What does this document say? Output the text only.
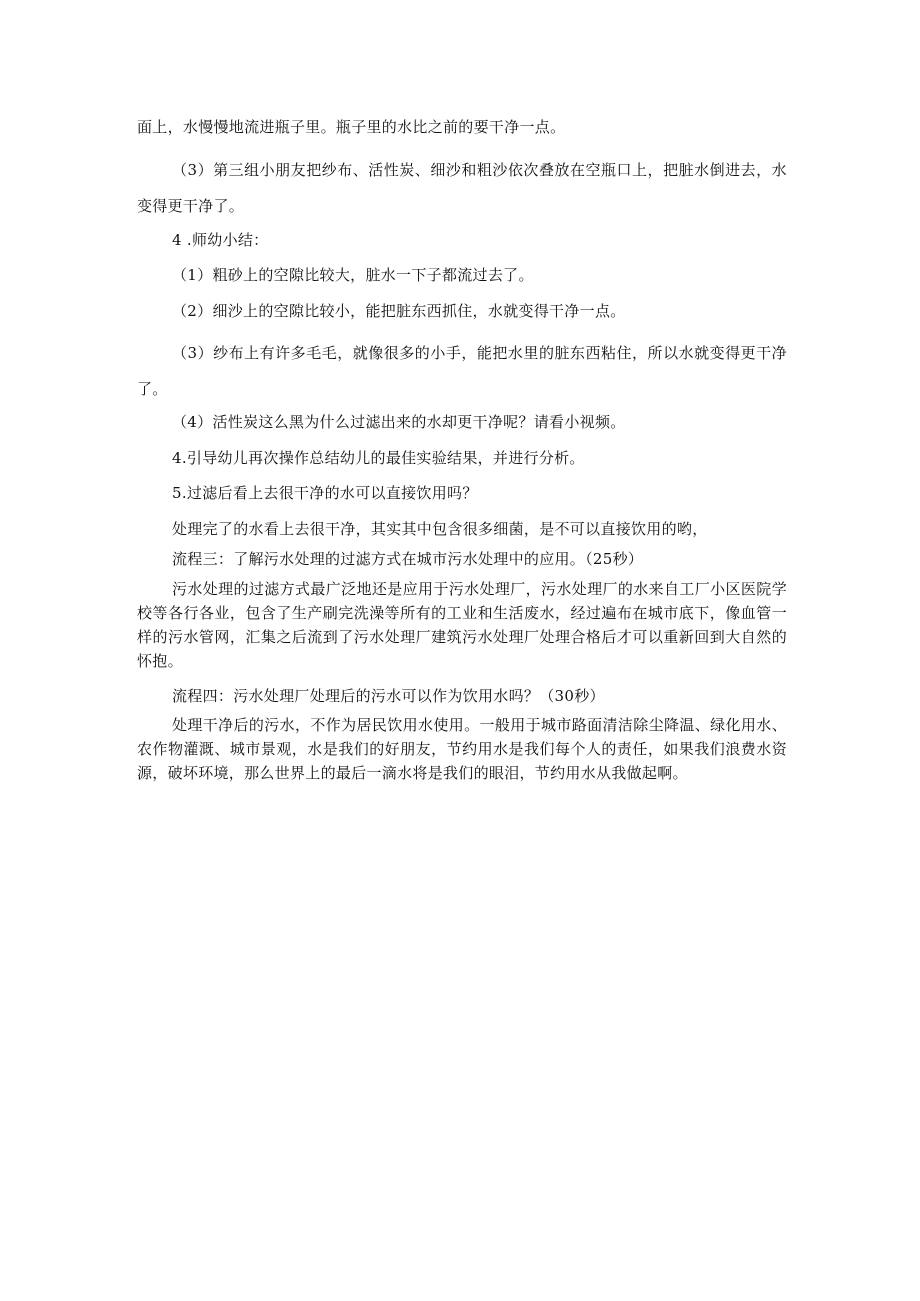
面上，水慢慢地流进瓶子里。瓶子里的水比之前的要干净一点。

（3）第三组小朋友把纱布、活性炭、细沙和粗沙依次叠放在空瓶口上，把脏水倒进去，水变得更干净了。

4 .师幼小结：

（1）粗砂上的空隙比较大，脏水一下子都流过去了。

（2）细沙上的空隙比较小，能把脏东西抓住，水就变得干净一点。

（3）纱布上有许多毛毛，就像很多的小手，能把水里的脏东西粘住，所以水就变得更干净了。

（4）活性炭这么黑为什么过滤出来的水却更干净呢？请看小视频。

4.引导幼儿再次操作总结幼儿的最佳实验结果，并进行分析。

5.过滤后看上去很干净的水可以直接饮用吗？

处理完了的水看上去很干净，其实其中包含很多细菌，是不可以直接饮用的哟，

流程三：了解污水处理的过滤方式在城市污水处理中的应用。（25秒）

污水处理的过滤方式最广泛地还是应用于污水处理厂，污水处理厂的水来自工厂小区医院学校等各行各业，包含了生产刷完洗澡等所有的工业和生活废水，经过遍布在城市底下，像血管一样的污水管网，汇集之后流到了污水处理厂建筑污水处理厂处理合格后才可以重新回到大自然的怀抱。

流程四：污水处理厂处理后的污水可以作为饮用水吗？（30秒）

处理干净后的污水，不作为居民饮用水使用。一般用于城市路面清洁除尘降温、绿化用水、农作物灌溉、城市景观，水是我们的好朋友，节约用水是我们每个人的责任，如果我们浪费水资源，破坏环境，那么世界上的最后一滴水将是我们的眼泪，节约用水从我做起啊。
